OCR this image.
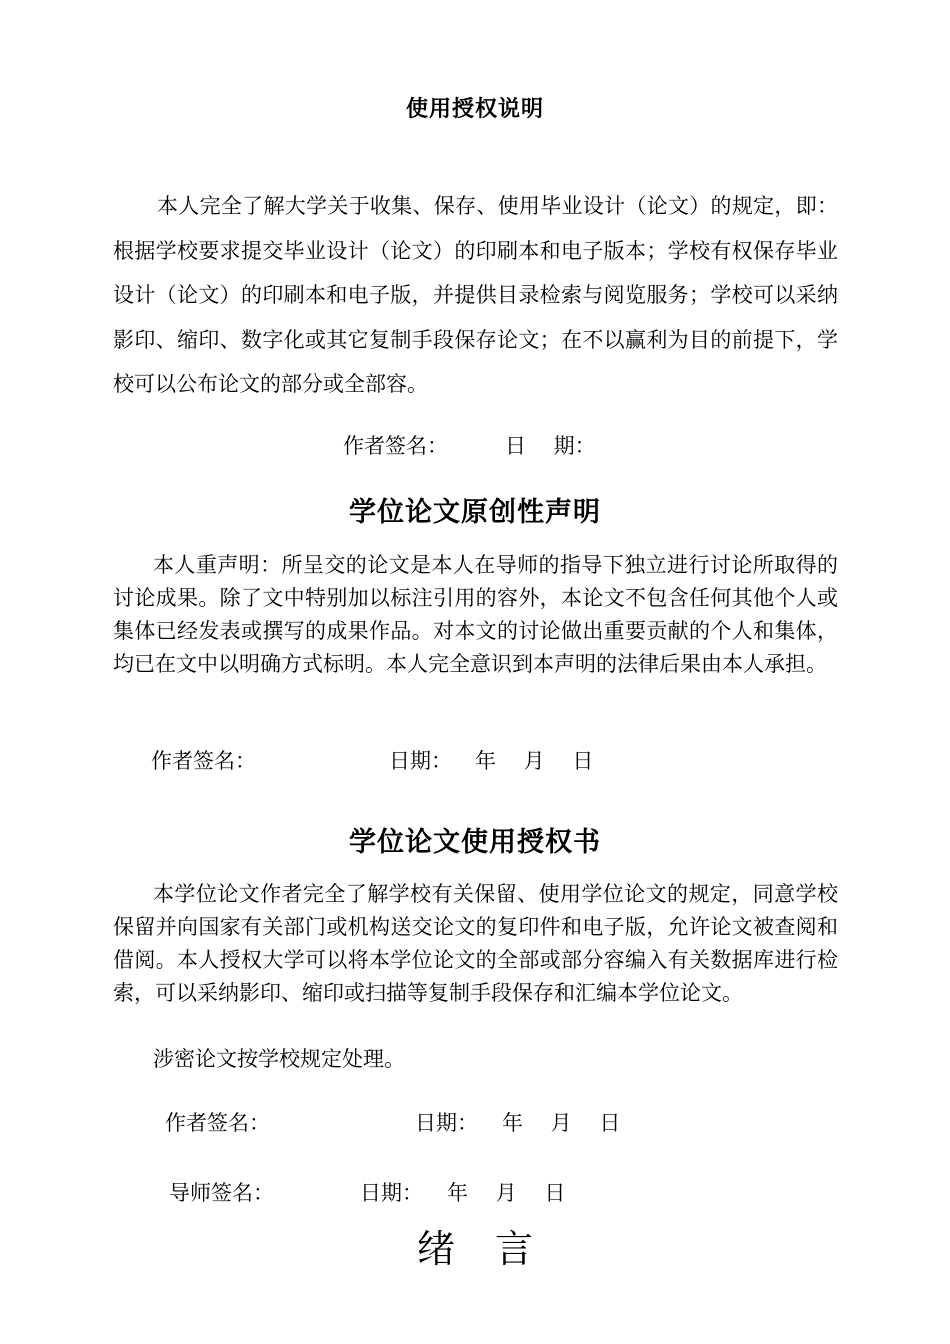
使用授权说明

本人完全了解大学关于收集、保存、使用毕业设计（论文）的规定，即：根据学校要求提交毕业设计（论文）的印刷本和电子版本；学校有权保存毕业设计（论文）的印刷本和电子版，并提供目录检索与阅览服务；学校可以采纳影印、缩印、数字化或其它复制手段保存论文；在不以赢利为目的前提下，学校可以公布论文的部分或全部容。

作者签名：	日　 期：
学位论文原创性声明

本人重声明：所呈交的论文是本人在导师的指导下独立进行讨论所取得的讨论成果。除了文中特别加以标注引用的容外，本论文不包含任何其他个人或集体已经发表或撰写的成果作品。对本文的讨论做出重要贡献的个人和集体，均已在文中以明确方式标明。本人完全意识到本声明的法律后果由本人承担。

作者签名：	日期： 年　 月　 日
学位论文使用授权书

本学位论文作者完全了解学校有关保留、使用学位论文的规定，同意学校保留并向国家有关部门或机构送交论文的复印件和电子版，允许论文被查阅和借阅。本人授权大学可以将本学位论文的全部或部分容编入有关数据库进行检索，可以采纳影印、缩印或扫描等复制手段保存和汇编本学位论文。

涉密论文按学校规定处理。

作者签名：	日期： 年　 月　 日
导师签名：	日期： 年　 月　 日
绪言
